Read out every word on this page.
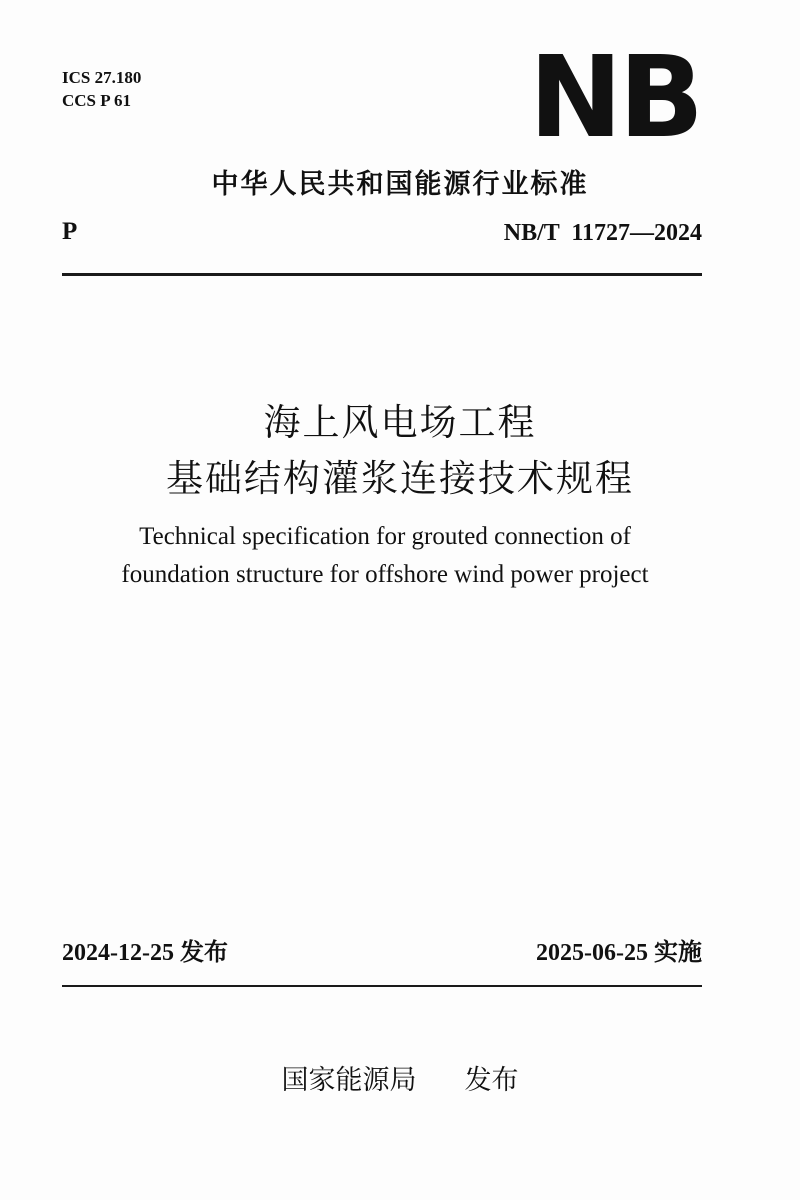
ICS 27.180
CCS P 61	NB
中华人民共和国能源行业标准
P	NB/T  11727—2024
海上风电场工程
基础结构灌浆连接技术规程
Technical specification for grouted connection of
foundation structure for offshore wind power project
2024-12-25 发布	2025-06-25 实施
国家能源局 发布
